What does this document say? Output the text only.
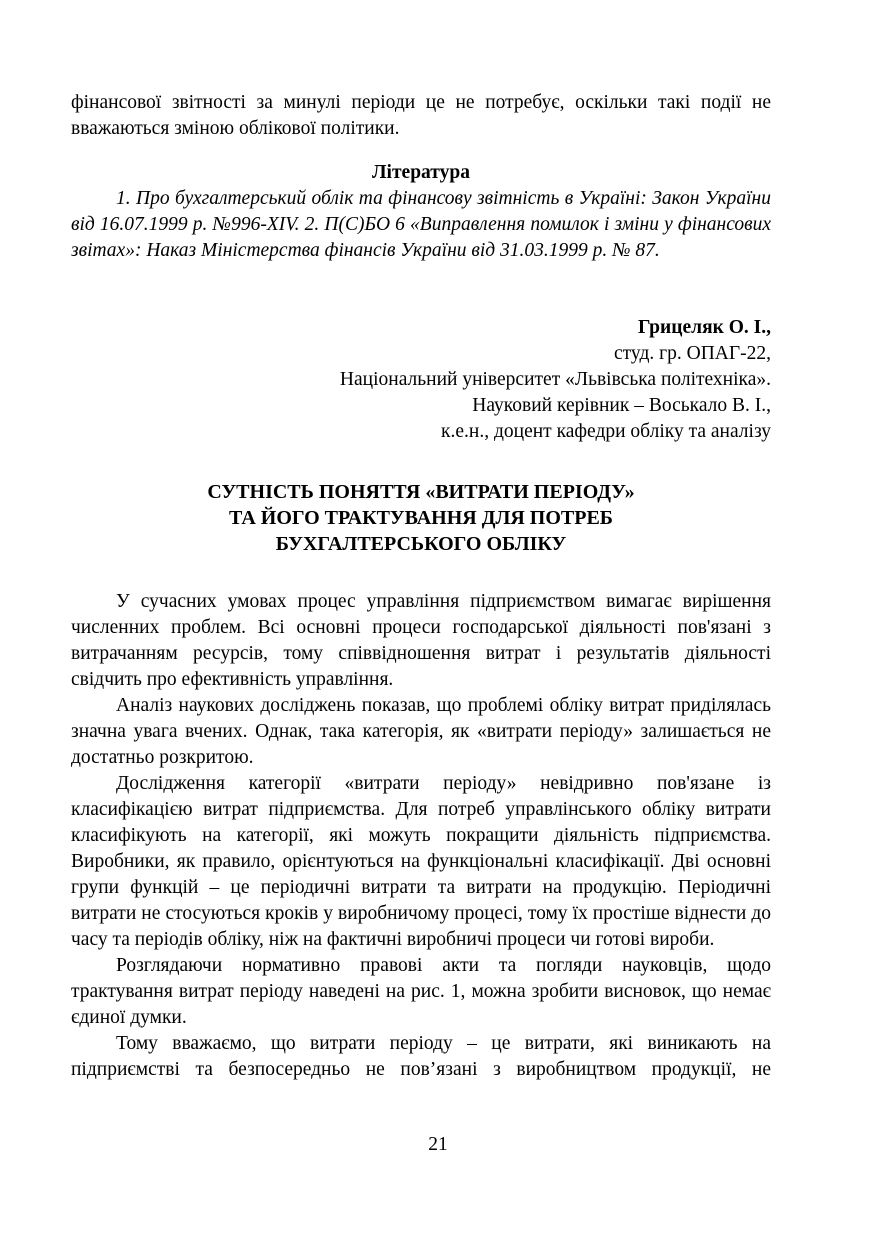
фінансової звітності за минулі періоди це не потребує, оскільки такі події не вважаються зміною облікової політики.

Література

1. Про бухгалтерський облік та фінансову звітність в Україні: Закон України від 16.07.1999 р. №996-XIV. 2. П(С)БО 6 «Виправлення помилок і зміни у фінансових звітах»: Наказ Міністерства фінансів України від 31.03.1999 р. № 87.

Грицеляк О. І.,

студ. гр. ОПАГ-22,

Національний університет «Львівська політехніка».

Науковий керівник – Воськало В. І.,

к.е.н., доцент кафедри обліку та аналізу

СУТНІСТЬ ПОНЯТТЯ «ВИТРАТИ ПЕРІОДУ»
ТА ЙОГО ТРАКТУВАННЯ ДЛЯ ПОТРЕБ
БУХГАЛТЕРСЬКОГО ОБЛІКУ

У сучасних умовах процес управління підприємством вимагає вирішення численних проблем. Всі основні процеси господарської діяльності пов'язані з витрачанням ресурсів, тому співвідношення витрат і результатів діяльності свідчить про ефективність управління.

Аналіз наукових досліджень показав, що проблемі обліку витрат приділялась значна увага вчених. Однак, така категорія, як «витрати періоду» залишається не достатньо розкритою.

Дослідження категорії «витрати періоду» невідривно пов'язане із класифікацією витрат підприємства. Для потреб управлінського обліку витрати класифікують на категорії, які можуть покращити діяльність підприємства. Виробники, як правило, орієнтуються на функціональні класифікації. Дві основні групи функцій – це періодичні витрати та витрати на продукцію. Періодичні витрати не стосуються кроків у виробничому процесі, тому їх простіше віднести до часу та періодів обліку, ніж на фактичні виробничі процеси чи готові вироби.

Розглядаючи нормативно правові акти та погляди науковців, щодо трактування витрат періоду наведені на рис. 1, можна зробити висновок, що немає єдиної думки.

Тому вважаємо, що витрати періоду – це витрати, які виникають на підприємстві та безпосередньо не пов’язані з виробництвом продукції, не

21
